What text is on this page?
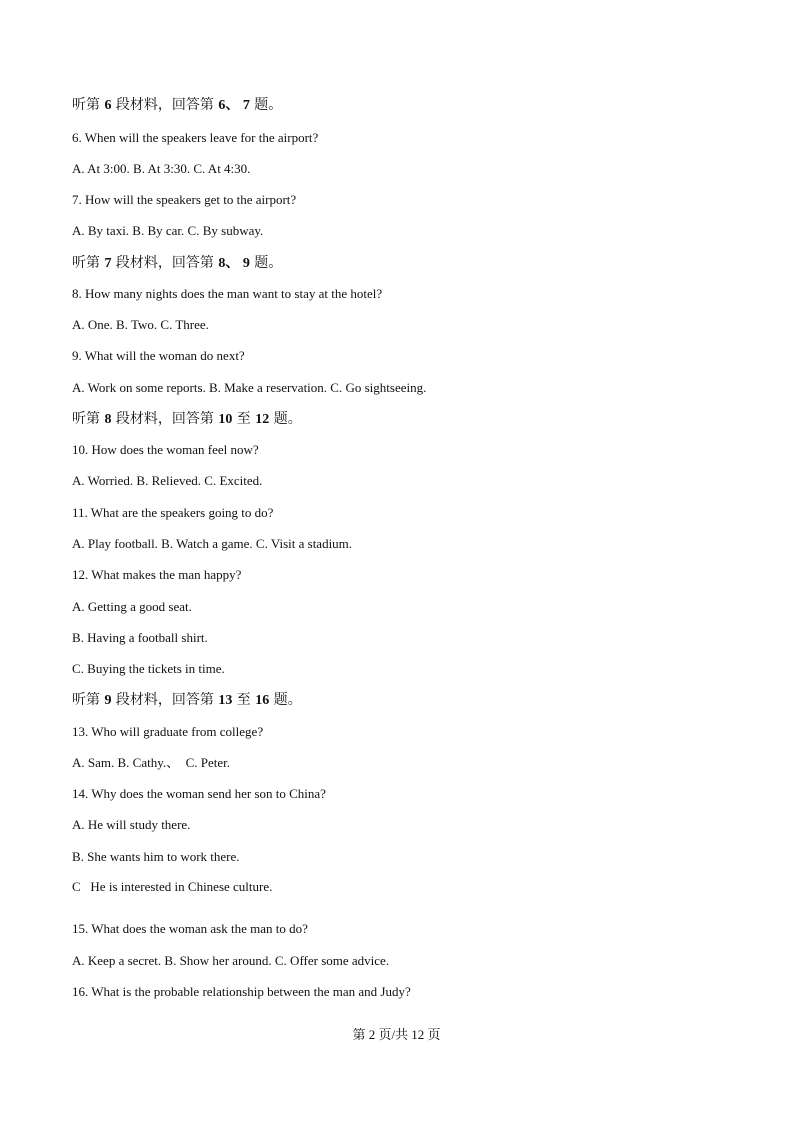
听第 6 段材料，回答第 6、 7 题。
6. When will the speakers leave for the airport?
A. At 3:00. B. At 3:30. C. At 4:30.
7. How will the speakers get to the airport?
A. By taxi. B. By car. C. By subway.
听第 7 段材料，回答第 8、 9 题。
8. How many nights does the man want to stay at the hotel?
A. One. B. Two. C. Three.
9. What will the woman do next?
A. Work on some reports. B. Make a reservation. C. Go sightseeing.
听第 8 段材料，回答第 10 至 12 题。
10. How does the woman feel now?
A. Worried. B. Relieved. C. Excited.
11. What are the speakers going to do?
A. Play football. B. Watch a game. C. Visit a stadium.
12. What makes the man happy?
A. Getting a good seat.
B. Having a football shirt.
C. Buying the tickets in time.
听第 9 段材料，回答第 13 至 16 题。
13. Who will graduate from college?
A. Sam. B. Cathy.、  C. Peter.
14. Why does the woman send her son to China?
A. He will study there.
B. She wants him to work there.
C   He is interested in Chinese culture.
15. What does the woman ask the man to do?
A. Keep a secret. B. Show her around. C. Offer some advice.
16. What is the probable relationship between the man and Judy?
第 2 页/共 12 页
